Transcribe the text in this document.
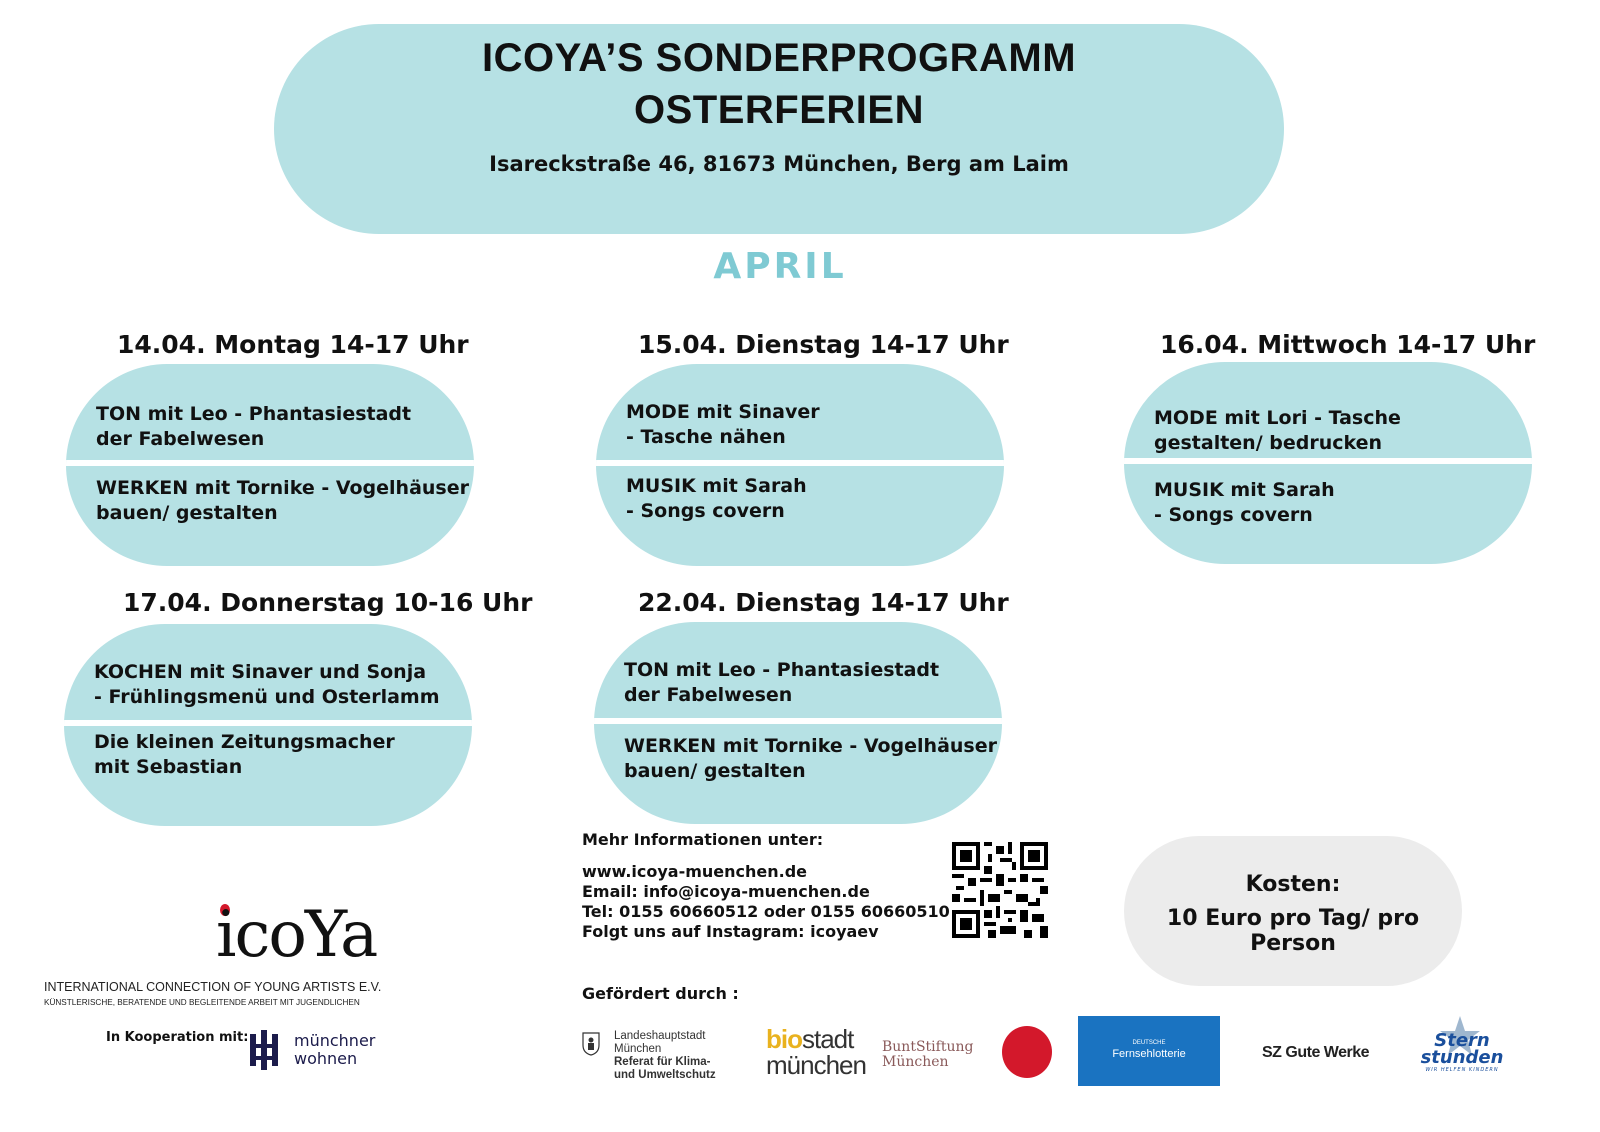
ICOYA’S SONDERPROGRAMM
OSTERFERIEN
Isareckstraße 46, 81673 München, Berg am Laim
APRIL
14.04. Montag 14-17 Uhr
TON mit Leo - Phantasiestadt
der Fabelwesen
WERKEN mit Tornike - Vogelhäuser
bauen/ gestalten
15.04. Dienstag 14-17 Uhr
MODE mit Sinaver
- Tasche nähen
MUSIK mit Sarah
- Songs covern
16.04. Mittwoch 14-17 Uhr
MODE mit Lori - Tasche
gestalten/ bedrucken
MUSIK mit Sarah
- Songs covern
17.04. Donnerstag 10-16 Uhr
KOCHEN mit Sinaver und Sonja
- Frühlingsmenü und Osterlamm
Die kleinen Zeitungsmacher
mit Sebastian
22.04. Dienstag 14-17 Uhr
TON mit Leo - Phantasiestadt
der Fabelwesen
WERKEN mit Tornike - Vogelhäuser
bauen/ gestalten
Mehr Informationen unter:
www.icoya-muenchen.de
Email: info@icoya-muenchen.de
Tel: 0155 60660512 oder 0155 60660510
Folgt uns auf Instagram: icoyaev
Kosten:
10 Euro pro Tag/ pro Person
icoYa
INTERNATIONAL CONNECTION OF YOUNG ARTISTS E.V.
KÜNSTLERISCHE, BERATENDE UND BEGLEITENDE ARBEIT MIT JUGENDLICHEN
In Kooperation mit:	münchner
wohnen
Gefördert durch :
Landeshauptstadt
München
Referat für Klima-
und Umweltschutz
biostadt
münchen
BuntStiftung
München
DEUTSCHE
Fernsehlotterie	SZ Gute Werke
Stern
stunden
WIR HELFEN KINDERN
